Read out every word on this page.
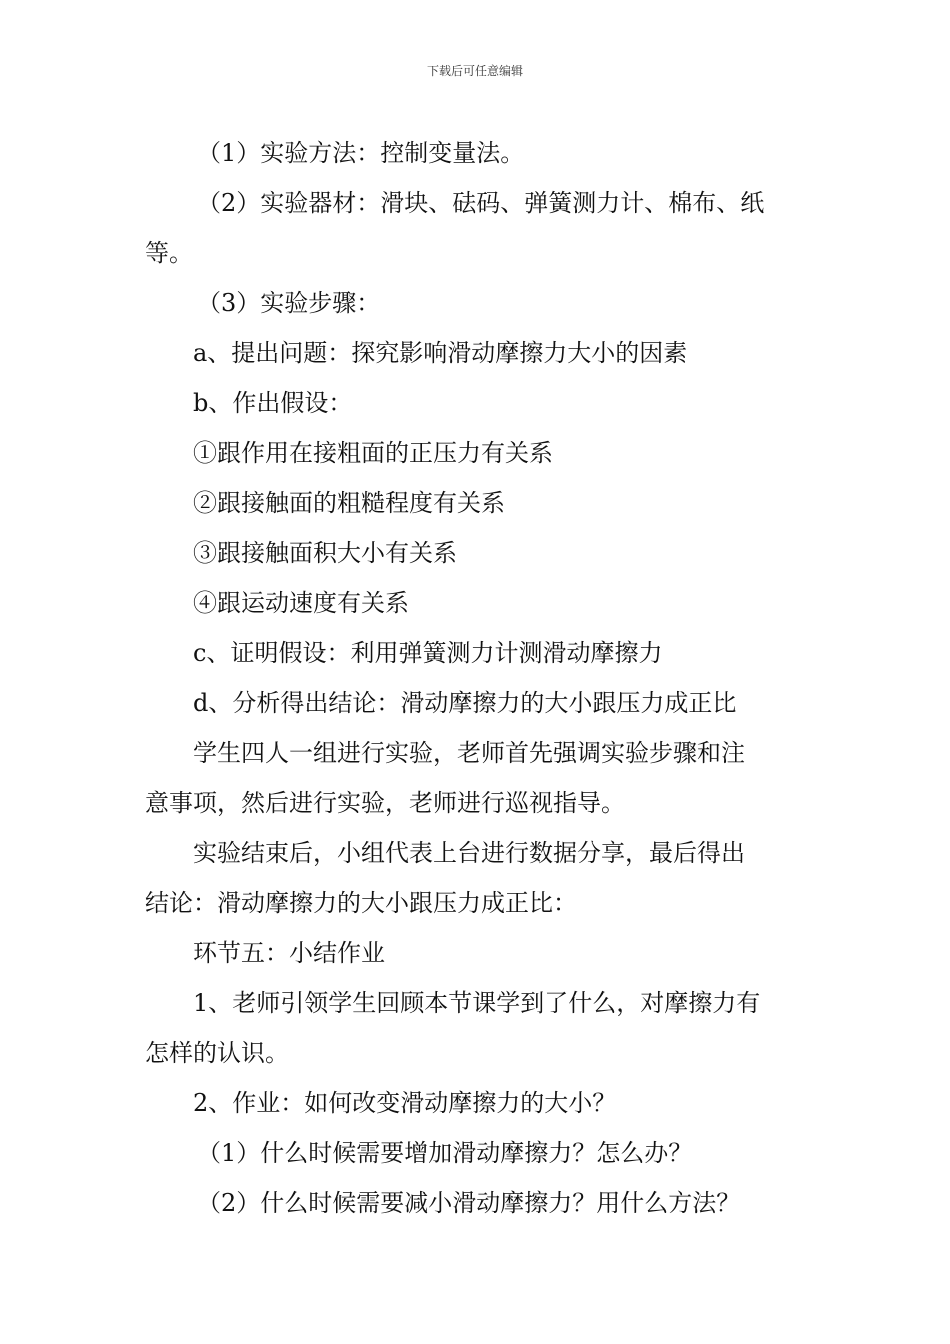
下载后可任意编辑
（1）实验方法：控制变量法。
（2）实验器材：滑块、砝码、弹簧测力计、棉布、纸
等。
（3）实验步骤：
a、提出问题：探究影响滑动摩擦力大小的因素
b、作出假设：
①跟作用在接粗面的正压力有关系
②跟接触面的粗糙程度有关系
③跟接触面积大小有关系
④跟运动速度有关系
c、证明假设：利用弹簧测力计测滑动摩擦力
d、分析得出结论：滑动摩擦力的大小跟压力成正比
学生四人一组进行实验，老师首先强调实验步骤和注
意事项，然后进行实验，老师进行巡视指导。
实验结束后，小组代表上台进行数据分享，最后得出
结论：滑动摩擦力的大小跟压力成正比：
环节五：小结作业
1、老师引领学生回顾本节课学到了什么，对摩擦力有
怎样的认识。
2、作业：如何改变滑动摩擦力的大小？
（1）什么时候需要增加滑动摩擦力？怎么办？
（2）什么时候需要减小滑动摩擦力？用什么方法？
